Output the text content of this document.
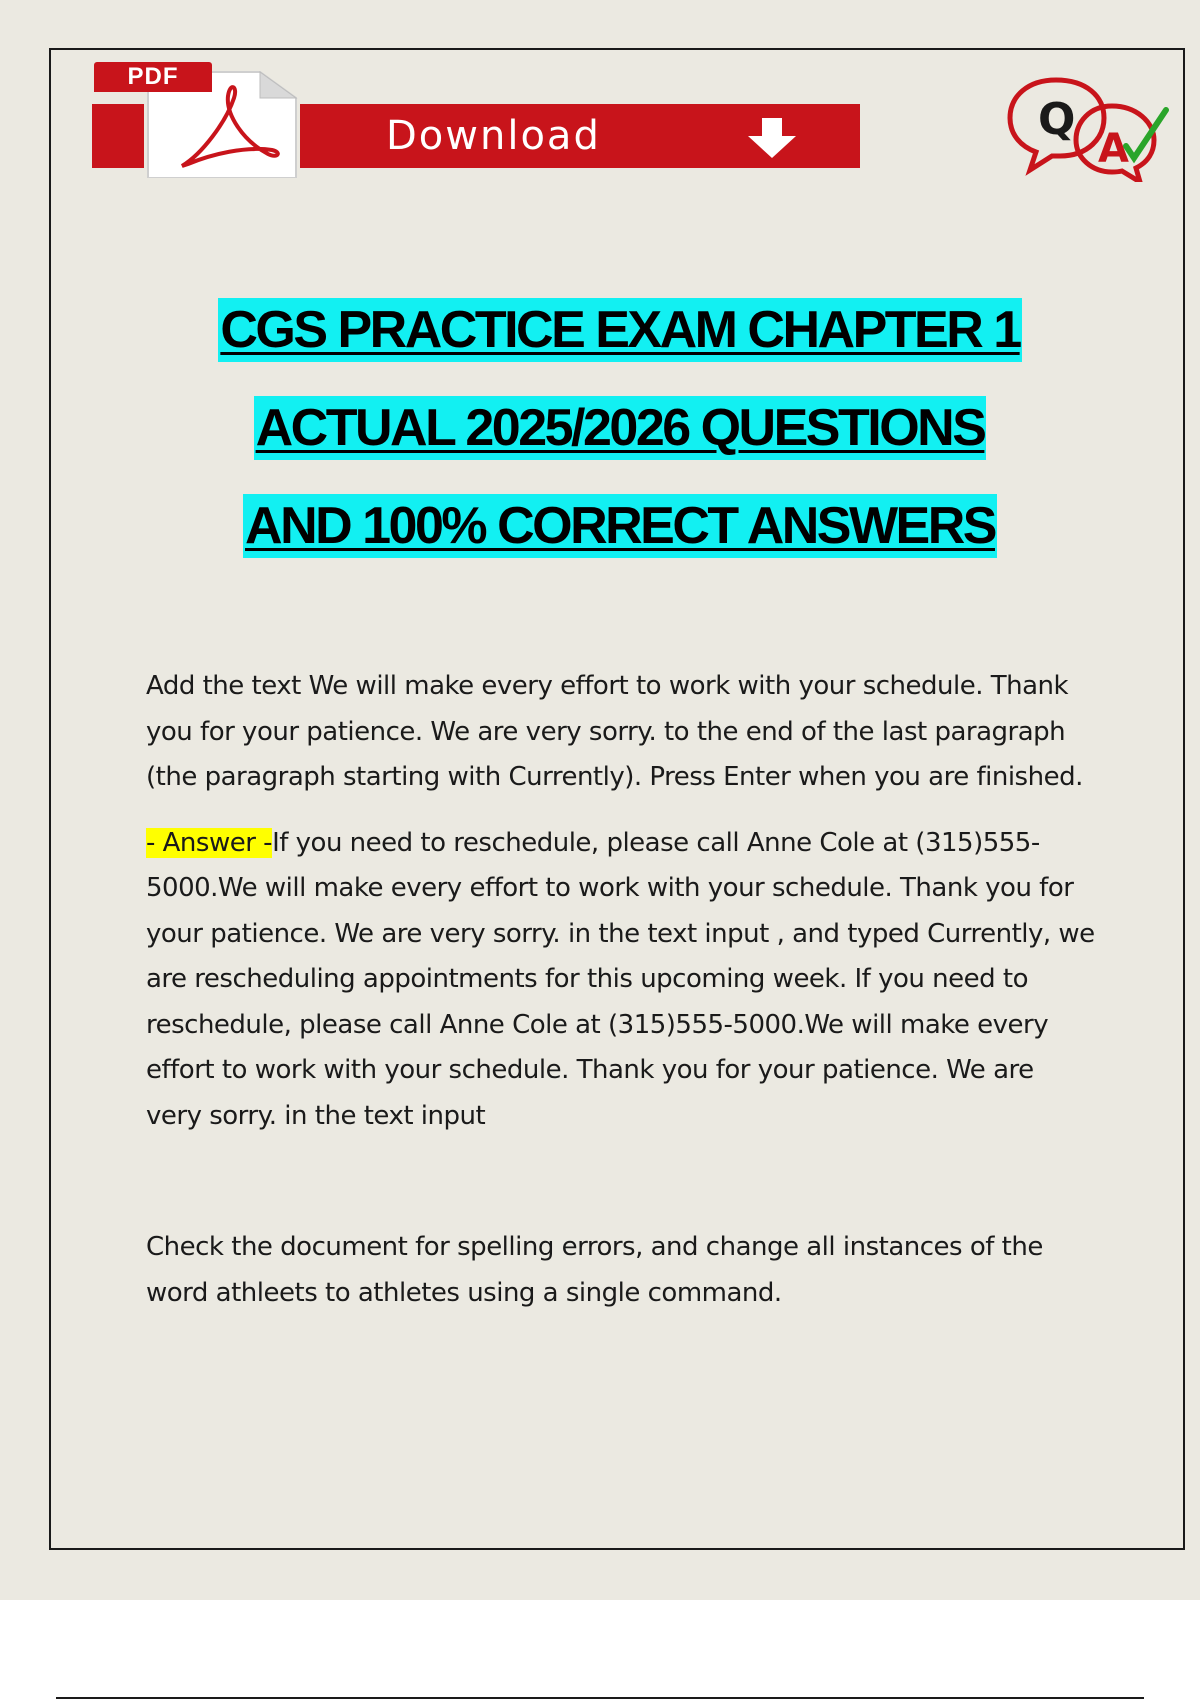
PDF
Download	Q
A
CGS PRACTICE EXAM CHAPTER 1
ACTUAL 2025/2026 QUESTIONS
AND 100% CORRECT ANSWERS

Add the text We will make every effort to work with your schedule. Thank you for your patience. We are very sorry. to the end of the last paragraph (the paragraph starting with Currently). Press Enter when you are finished.

- Answer -If you need to reschedule, please call Anne Cole at (315)555-5000.We will make every effort to work with your schedule. Thank you for your patience. We are very sorry. in the text input , and typed Currently, we are rescheduling appointments for this upcoming week. If you need to reschedule, please call Anne Cole at (315)555-5000.We will make every effort to work with your schedule. Thank you for your patience. We are very sorry. in the text input

Check the document for spelling errors, and change all instances of the word athleets to athletes using a single command.
